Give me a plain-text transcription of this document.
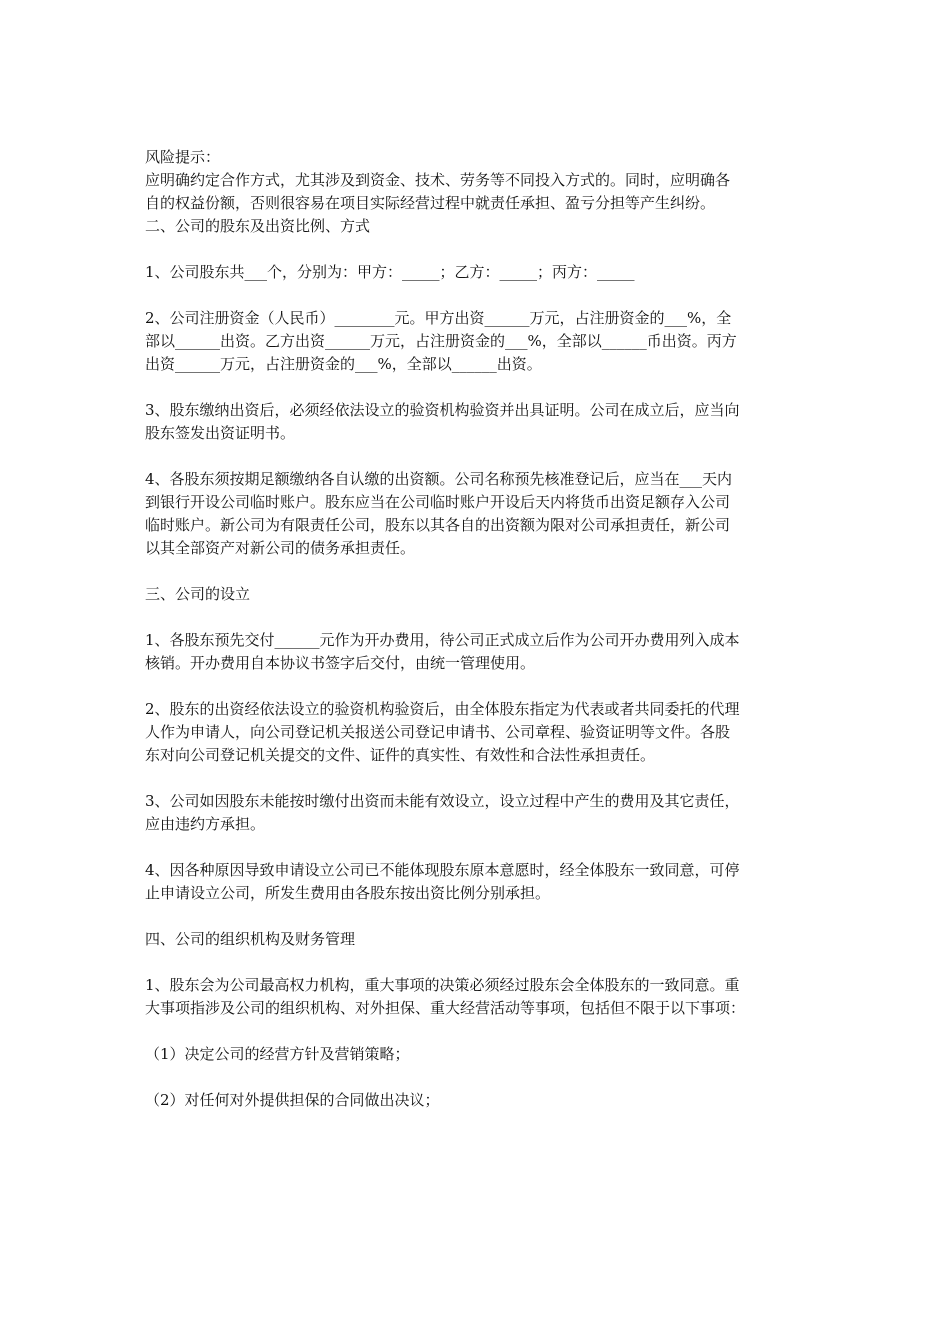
风险提示：
应明确约定合作方式，尤其涉及到资金、技术、劳务等不同投入方式的。同时，应明确各
自的权益份额，否则很容易在项目实际经营过程中就责任承担、盈亏分担等产生纠纷。
二、公司的股东及出资比例、方式
1、公司股东共___个，分别为：甲方：_____；乙方：_____；丙方：_____
2、公司注册资金（人民币）________元。甲方出资______万元，占注册资金的___%，全
部以______出资。乙方出资______万元，占注册资金的___%，全部以______币出资。丙方
出资______万元，占注册资金的___%，全部以______出资。
3、股东缴纳出资后，必须经依法设立的验资机构验资并出具证明。公司在成立后，应当向
股东签发出资证明书。
4、各股东须按期足额缴纳各自认缴的出资额。公司名称预先核准登记后，应当在___天内
到银行开设公司临时账户。股东应当在公司临时账户开设后天内将货币出资足额存入公司
临时账户。新公司为有限责任公司，股东以其各自的出资额为限对公司承担责任，新公司
以其全部资产对新公司的债务承担责任。
三、公司的设立
1、各股东预先交付______元作为开办费用，待公司正式成立后作为公司开办费用列入成本
核销。开办费用自本协议书签字后交付，由统一管理使用。
2、股东的出资经依法设立的验资机构验资后，由全体股东指定为代表或者共同委托的代理
人作为申请人，向公司登记机关报送公司登记申请书、公司章程、验资证明等文件。各股
东对向公司登记机关提交的文件、证件的真实性、有效性和合法性承担责任。
3、公司如因股东未能按时缴付出资而未能有效设立，设立过程中产生的费用及其它责任，
应由违约方承担。
4、因各种原因导致申请设立公司已不能体现股东原本意愿时，经全体股东一致同意，可停
止申请设立公司，所发生费用由各股东按出资比例分别承担。
四、公司的组织机构及财务管理
1、股东会为公司最高权力机构，重大事项的决策必须经过股东会全体股东的一致同意。重
大事项指涉及公司的组织机构、对外担保、重大经营活动等事项，包括但不限于以下事项：
（1）决定公司的经营方针及营销策略；
（2）对任何对外提供担保的合同做出决议；
